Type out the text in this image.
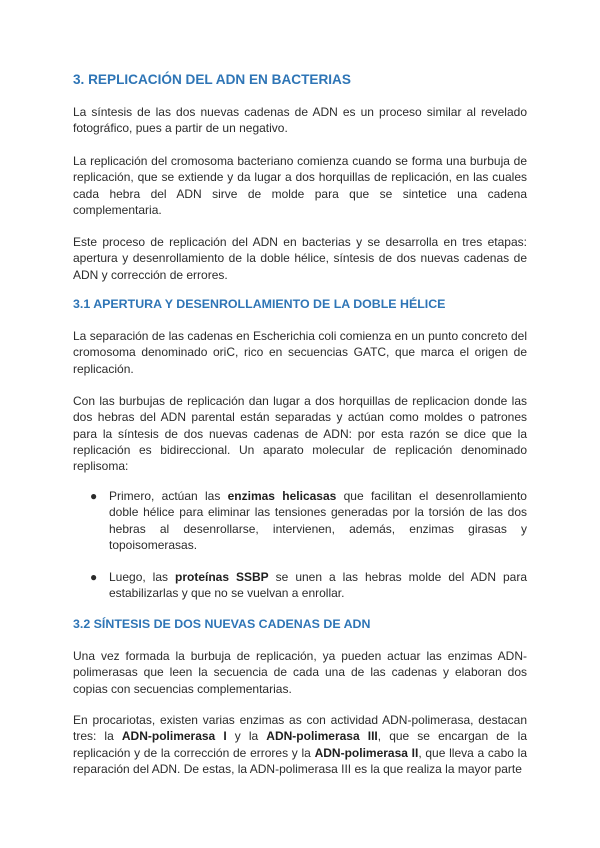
3. REPLICACIÓN DEL ADN EN BACTERIAS

La síntesis de las dos nuevas cadenas de ADN es un proceso similar al revelado fotográfico, pues a partir de un negativo.

La replicación del cromosoma bacteriano comienza cuando se forma una burbuja de replicación, que se extiende y da lugar a dos horquillas de replicación, en las cuales cada hebra del ADN sirve de molde para que se sintetice una cadena complementaria.

Este proceso de replicación del ADN en bacterias y se desarrolla en tres etapas: apertura y desenrollamiento de la doble hélice, síntesis de dos nuevas cadenas de ADN y corrección de errores.

3.1 APERTURA Y DESENROLLAMIENTO DE LA DOBLE HÉLICE

La separación de las cadenas en Escherichia coli comienza en un punto concreto del cromosoma denominado oriC, rico en secuencias GATC, que marca el origen de replicación.

Con las burbujas de replicación dan lugar a dos horquillas de replicacion donde las dos hebras del ADN parental están separadas y actúan como moldes o patrones para la síntesis de dos nuevas cadenas de ADN: por esta razón se dice que la replicación es bidireccional. Un aparato molecular de replicación denominado replisoma:

● Primero, actúan las enzimas helicasas que facilitan el desenrollamiento doble hélice para eliminar las tensiones generadas por la torsión de las dos hebras al desenrollarse, intervienen, además, enzimas girasas y topoisomerasas.
● Luego, las proteínas SSBP se unen a las hebras molde del ADN para estabilizarlas y que no se vuelvan a enrollar.
3.2 SÍNTESIS DE DOS NUEVAS CADENAS DE ADN

Una vez formada la burbuja de replicación, ya pueden actuar las enzimas ADN-polimerasas que leen la secuencia de cada una de las cadenas y elaboran dos copias con secuencias complementarias.

En procariotas, existen varias enzimas as con actividad ADN-polimerasa, destacan tres: la ADN-polimerasa I y la ADN-polimerasa III, que se encargan de la replicación y de la corrección de errores y la ADN-polimerasa II, que lleva a cabo la reparación del ADN. De estas, la ADN-polimerasa III es la que realiza la mayor parte
